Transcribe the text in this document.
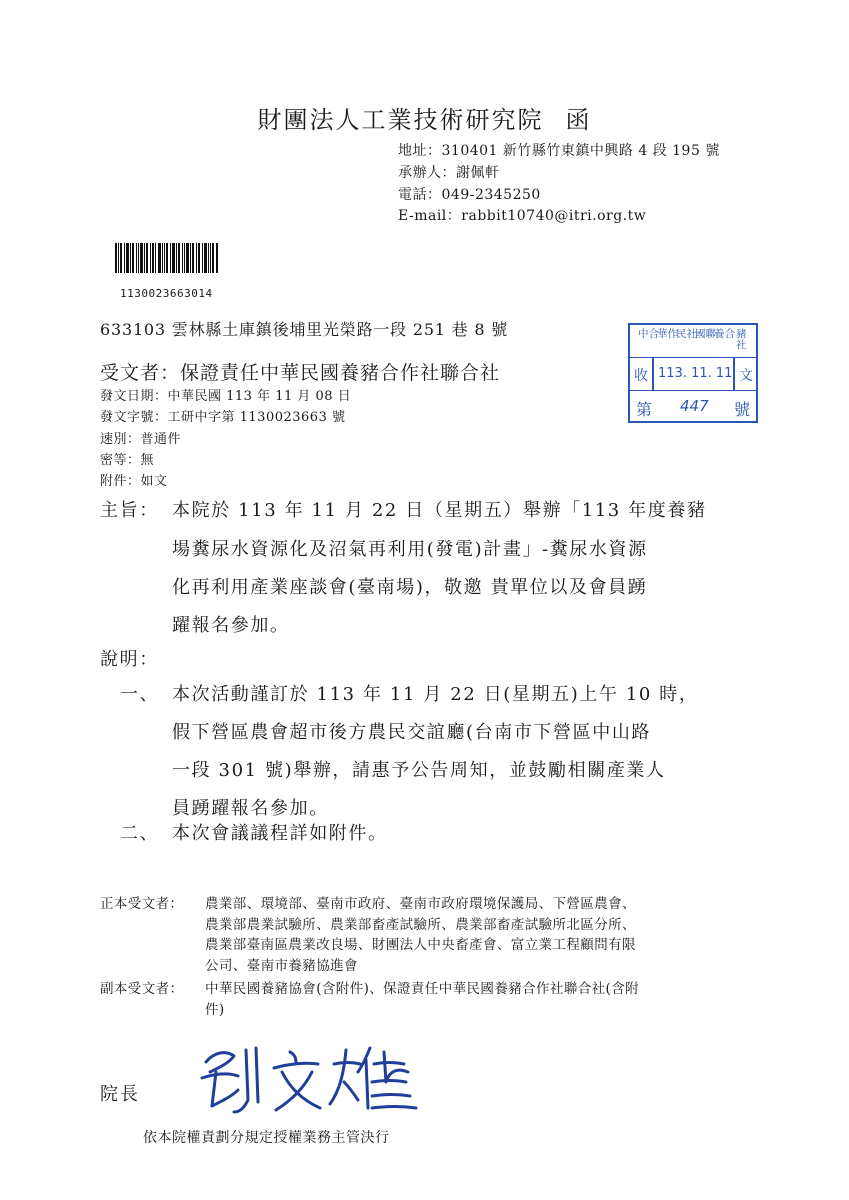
財團法人工業技術研究院 函
地址：310401 新竹縣竹東鎮中興路 4 段 195 號
承辦人：謝佩軒
電話：049-2345250
E-mail：rabbit10740@itri.org.tw
1130023663014
633103 雲林縣土庫鎮後埔里光榮路一段 251 巷 8 號
受文者：保證責任中華民國養豬合作社聯合社
發文日期：中華民國 113 年 11 月 08 日
發文字號：工研中字第 1130023663 號
速別：普通件
密等：無
附件：如文
中合
華作
民社
國聯
養合 豬社
收 113. 11. 11 文
第 447 號
主旨： 本院於 113 年 11 月 22 日（星期五）舉辦「113 年度養豬
場糞尿水資源化及沼氣再利用(發電)計畫」-糞尿水資源
化再利用產業座談會(臺南場)，敬邀 貴單位以及會員踴
躍報名參加。
說明：
一、 本次活動謹訂於 113 年 11 月 22 日(星期五)上午 10 時，
假下營區農會超市後方農民交誼廳(台南市下營區中山路
一段 301 號)舉辦，請惠予公告周知，並鼓勵相關產業人
員踴躍報名參加。
二、 本次會議議程詳如附件。
正本受文者： 農業部、環境部、臺南市政府、臺南市政府環境保護局、下營區農會、
農業部農業試驗所、農業部畜產試驗所、農業部畜產試驗所北區分所、
農業部臺南區農業改良場、財團法人中央畜產會、富立業工程顧問有限
公司、臺南市養豬協進會
副本受文者： 中華民國養豬協會(含附件)、保證責任中華民國養豬合作社聯合社(含附
件)
院長
依本院權責劃分規定授權業務主管決行
